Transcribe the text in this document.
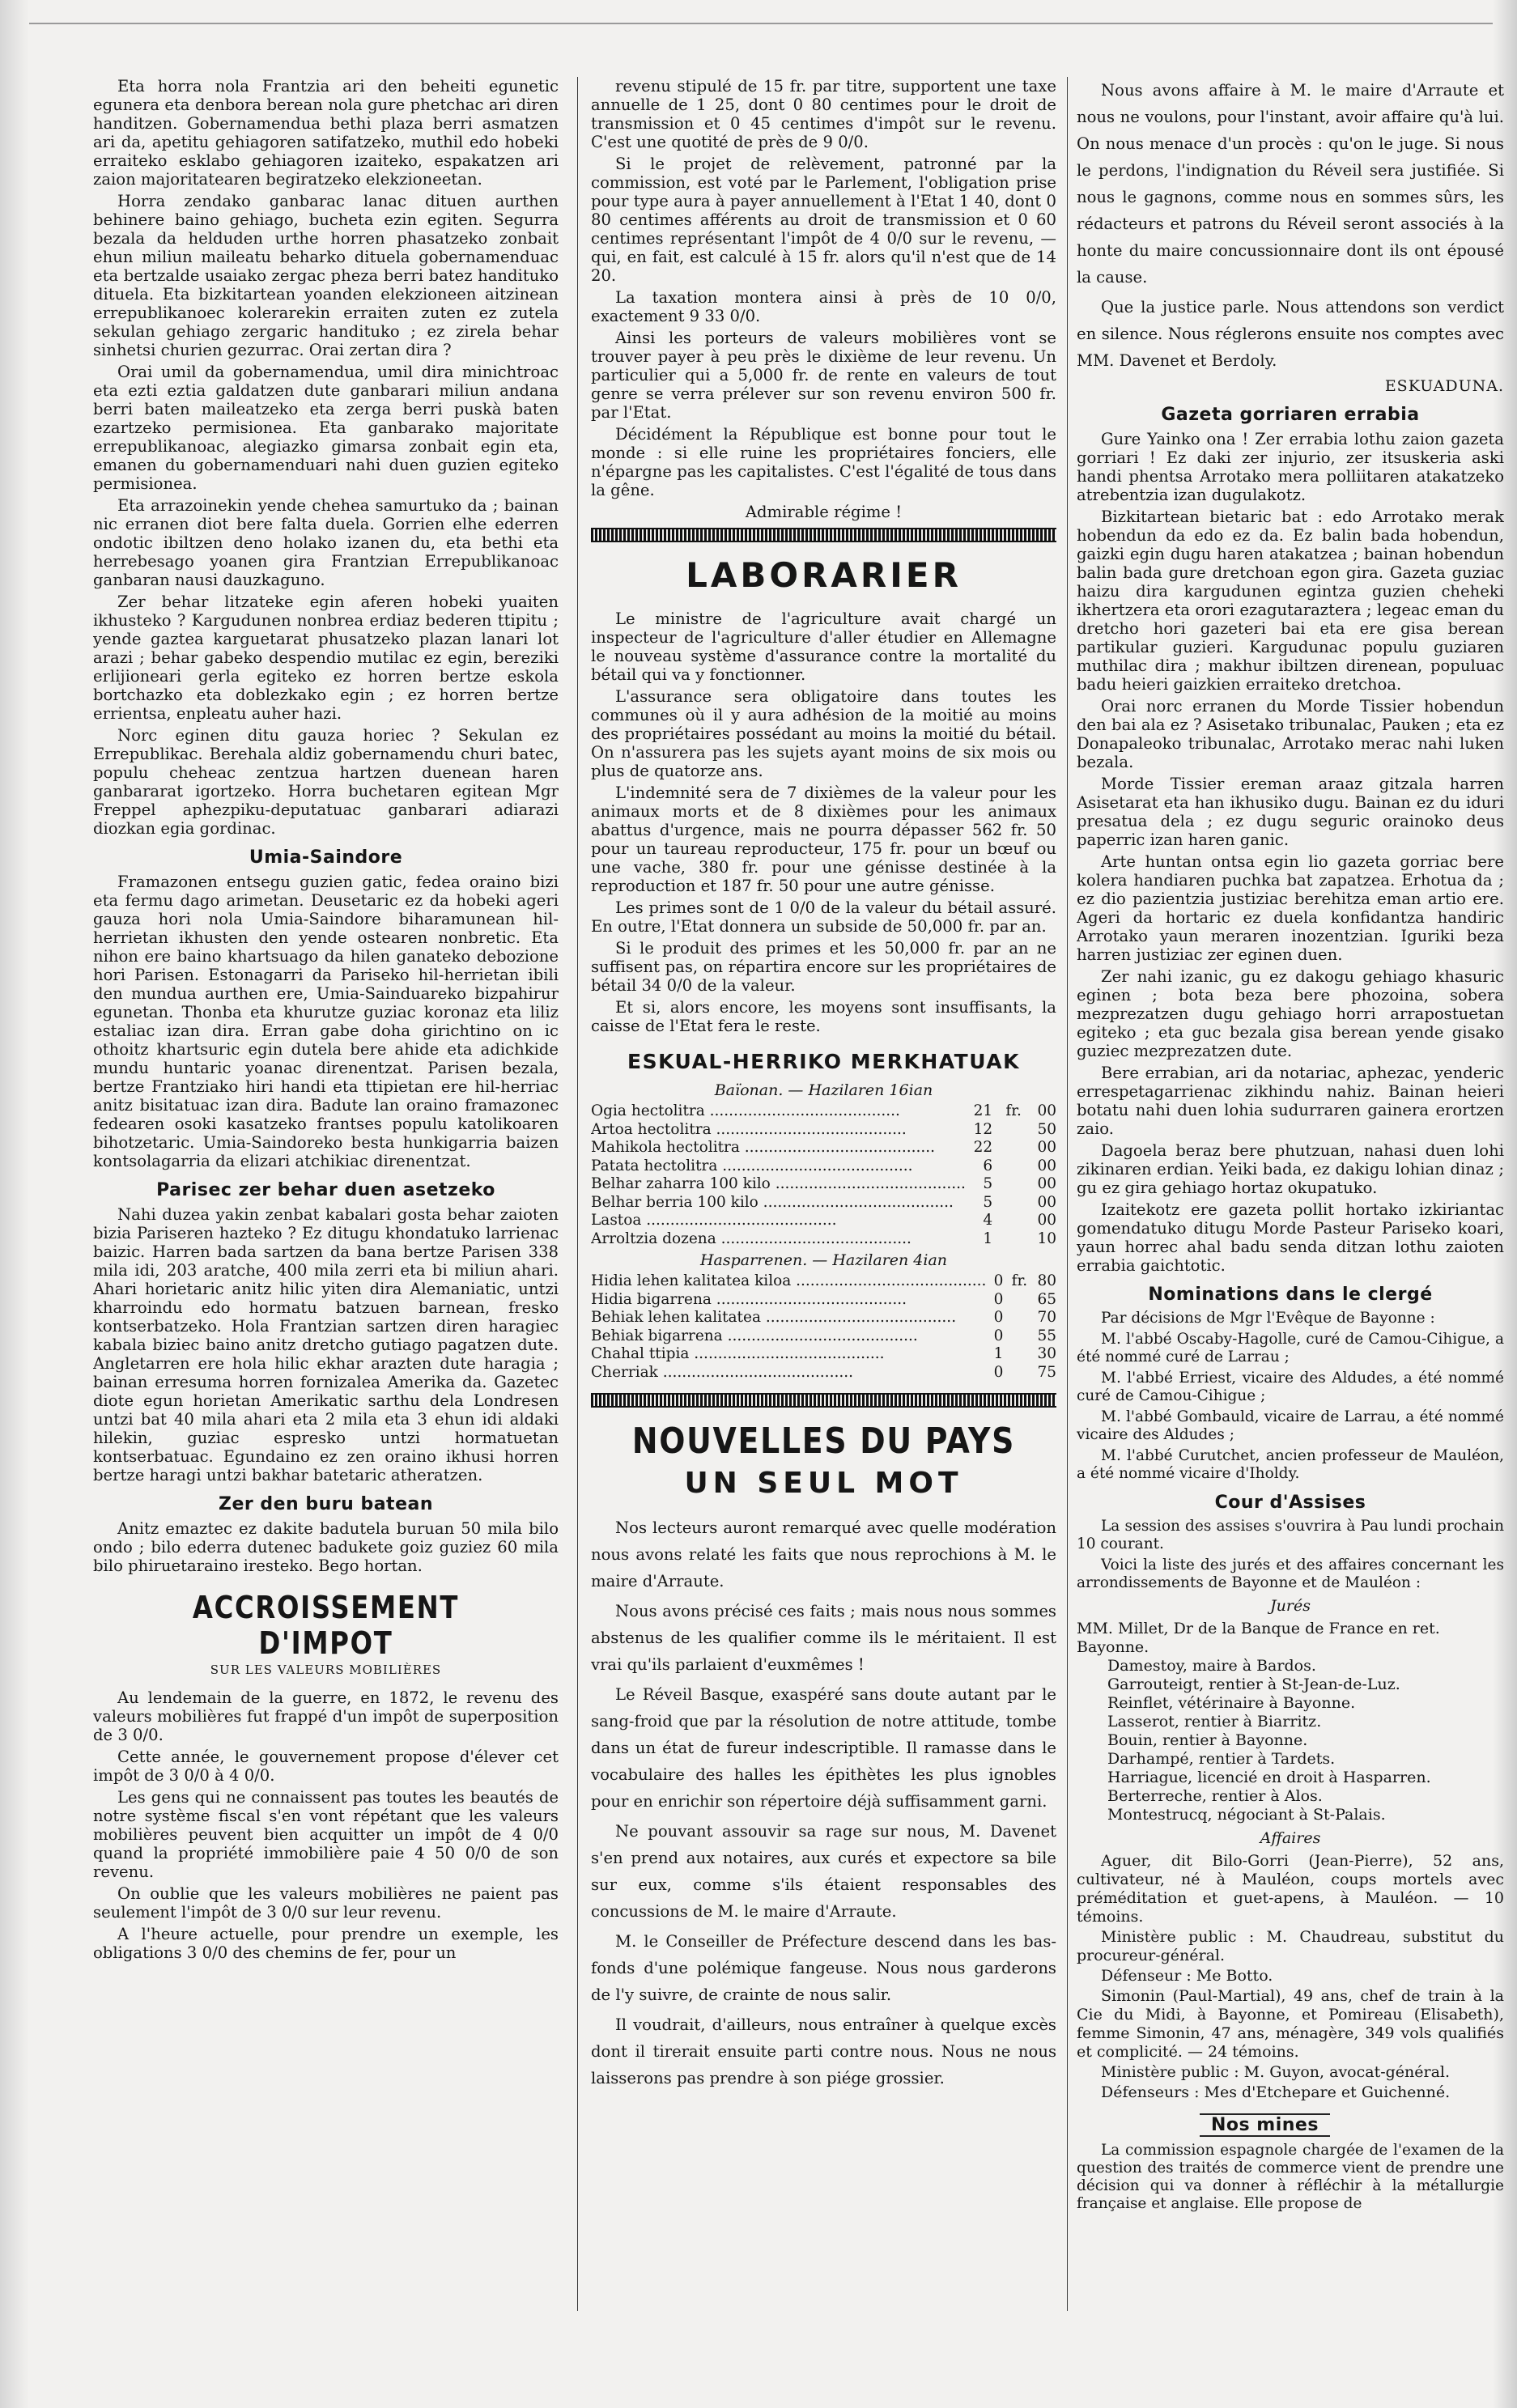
Eta horra nola Frantzia ari den beheiti egunetic egunera eta denbora berean nola gure phetchac ari diren handitzen. Gobernamendua bethi plaza berri asmatzen ari da, apetitu gehiagoren satifatzeko, muthil edo hobeki erraiteko esklabo gehiagoren izaiteko, espakatzen ari zaion majoritatearen begiratzeko elekzioneetan.

Horra zendako ganbarac lanac dituen aurthen behinere baino gehiago, bucheta ezin egiten. Segurra bezala da helduden urthe horren phasatzeko zonbait ehun miliun maileatu beharko dituela gobernamenduac eta bertzalde usaiako zergac pheza berri batez handituko dituela. Eta bizkitartean yoanden elekzioneen aitzinean errepublikanoec kolerarekin erraiten zuten ez zutela sekulan gehiago zergaric handituko ; ez zirela behar sinhetsi churien gezurrac. Orai zertan dira ?

Orai umil da gobernamendua, umil dira minichtroac eta ezti eztia galdatzen dute ganbarari miliun andana berri baten maileatzeko eta zerga berri puskà baten ezartzeko permisionea. Eta ganbarako majoritate errepublikanoac, alegiazko gimarsa zonbait egin eta, emanen du gobernamenduari nahi duen guzien egiteko permisionea.

Eta arrazoinekin yende chehea samurtuko da ; bainan nic erranen diot bere falta duela. Gorrien elhe ederren ondotic ibiltzen deno holako izanen du, eta bethi eta herrebesago yoanen gira Frantzian Errepublikanoac ganbaran nausi dauzkaguno.

Zer behar litzateke egin aferen hobeki yuaiten ikhusteko ? Kargudunen nonbrea erdiaz bederen ttipitu ; yende gaztea karguetarat phusatzeko plazan lanari lot arazi ; behar gabeko despendio mutilac ez egin, bereziki erlijioneari gerla egiteko ez horren bertze eskola bortchazko eta doblezkako egin ; ez horren bertze errientsa, enpleatu auher hazi.

Norc eginen ditu gauza horiec ? Sekulan ez Errepublikac. Berehala aldiz gobernamendu churi batec, populu cheheac zentzua hartzen duenean haren ganbararat igortzeko. Horra buchetaren egitean Mgr Freppel aphezpiku-deputatuac ganbarari adiarazi diozkan egia gordinac.

Umia-Saindore

Framazonen entsegu guzien gatic, fedea oraino bizi eta fermu dago arimetan. Deusetaric ez da hobeki ageri gauza hori nola Umia-Saindore biharamunean hil-herrietan ikhusten den yende ostearen nonbretic. Eta nihon ere baino khartsuago da hilen ganateko debozione hori Parisen. Estonagarri da Pariseko hil-herrietan ibili den mundua aurthen ere, Umia-Sainduareko bizpahirur egunetan. Thonba eta khurutze guziac koronaz eta liliz estaliac izan dira. Erran gabe doha girichtino on ic othoitz khartsuric egin dutela bere ahide eta adichkide mundu huntaric yoanac direnentzat. Parisen bezala, bertze Frantziako hiri handi eta ttipietan ere hil-herriac anitz bisitatuac izan dira. Badute lan oraino framazonec fedearen osoki kasatzeko frantses populu katolikoaren bihotzetaric. Umia-Saindoreko besta hunkigarria baizen kontsolagarria da elizari atchikiac direnentzat.

Parisec zer behar duen asetzeko

Nahi duzea yakin zenbat kabalari gosta behar zaioten bizia Pariseren hazteko ? Ez ditugu khondatuko larrienac baizic. Harren bada sartzen da bana bertze Parisen 338 mila idi, 203 aratche, 400 mila zerri eta bi miliun ahari. Ahari horietaric anitz hilic yiten dira Alemaniatic, untzi kharroindu edo hormatu batzuen barnean, fresko kontserbatzeko. Hola Frantzian sartzen diren haragiec kabala biziec baino anitz dretcho gutiago pagatzen dute. Angletarren ere hola hilic ekhar arazten dute haragia ; bainan erresuma horren fornizalea Amerika da. Gazetec diote egun horietan Amerikatic sarthu dela Londresen untzi bat 40 mila ahari eta 2 mila eta 3 ehun idi aldaki hilekin, guziac espresko untzi hormatuetan kontserbatuac. Egundaino ez zen oraino ikhusi horren bertze haragi untzi bakhar batetaric atheratzen.

Zer den buru batean

Anitz emaztec ez dakite badutela buruan 50 mila bilo ondo ; bilo ederra dutenec badukete goiz guziez 60 mila bilo phiruetaraino iresteko. Bego hortan.

ACCROISSEMENT D'IMPOT
SUR LES VALEURS MOBILIÈRES

Au lendemain de la guerre, en 1872, le revenu des valeurs mobilières fut frappé d'un impôt de superposition de 3 0/0.

Cette année, le gouvernement propose d'élever cet impôt de 3 0/0 à 4 0/0.

Les gens qui ne connaissent pas toutes les beautés de notre système fiscal s'en vont répétant que les valeurs mobilières peuvent bien acquitter un impôt de 4 0/0 quand la propriété immobilière paie 4 50 0/0 de son revenu.

On oublie que les valeurs mobilières ne paient pas seulement l'impôt de 3 0/0 sur leur revenu.

A l'heure actuelle, pour prendre un exemple, les obligations 3 0/0 des chemins de fer, pour un

revenu stipulé de 15 fr. par titre, supportent une taxe annuelle de 1 25, dont 0 80 centimes pour le droit de transmission et 0 45 centimes d'impôt sur le revenu. C'est une quotité de près de 9 0/0.

Si le projet de relèvement, patronné par la commission, est voté par le Parlement, l'obligation prise pour type aura à payer annuellement à l'Etat 1 40, dont 0 80 centimes afférents au droit de transmission et 0 60 centimes représentant l'impôt de 4 0/0 sur le revenu, — qui, en fait, est calculé à 15 fr. alors qu'il n'est que de 14 20.

La taxation montera ainsi à près de 10 0/0, exactement 9 33 0/0.

Ainsi les porteurs de valeurs mobilières vont se trouver payer à peu près le dixième de leur revenu. Un particulier qui a 5,000 fr. de rente en valeurs de tout genre se verra prélever sur son revenu environ 500 fr. par l'Etat.

Décidément la République est bonne pour tout le monde : si elle ruine les propriétaires fonciers, elle n'épargne pas les capitalistes. C'est l'égalité de tous dans la gêne.

Admirable régime !

LABORARIER

Le ministre de l'agriculture avait chargé un inspecteur de l'agriculture d'aller étudier en Allemagne le nouveau système d'assurance contre la mortalité du bétail qui va y fonctionner.

L'assurance sera obligatoire dans toutes les communes où il y aura adhésion de la moitié au moins des propriétaires possédant au moins la moitié du bétail. On n'assurera pas les sujets ayant moins de six mois ou plus de quatorze ans.

L'indemnité sera de 7 dixièmes de la valeur pour les animaux morts et de 8 dixièmes pour les animaux abattus d'urgence, mais ne pourra dépasser 562 fr. 50 pour un taureau reproducteur, 175 fr. pour un bœuf ou une vache, 380 fr. pour une génisse destinée à la reproduction et 187 fr. 50 pour une autre génisse.

Les primes sont de 1 0/0 de la valeur du bétail assuré. En outre, l'Etat donnera un subside de 50,000 fr. par an.

Si le produit des primes et les 50,000 fr. par an ne suffisent pas, on répartira encore sur les propriétaires de bétail 34 0/0 de la valeur.

Et si, alors encore, les moyens sont insuffisants, la caisse de l'Etat fera le reste.

ESKUAL-HERRIKO MERKHATUAK
Baïonan. — Hazilaren 16ian
Ogia hectolitra ........................................	21	fr.	00
Artoa hectolitra ........................................	12		50
Mahikola hectolitra ........................................	22		00
Patata hectolitra ........................................	6		00
Belhar zaharra 100 kilo ........................................	5		00
Belhar berria 100 kilo ........................................	5		00
Lastoa ........................................	4		00
Arroltzia dozena ........................................	1		10
Hasparrenen. — Hazilaren 4ian
Hidia lehen kalitatea kiloa ........................................	0	fr.	80
Hidia bigarrena ........................................	0		65
Behiak lehen kalitatea ........................................	0		70
Behiak bigarrena ........................................	0		55
Chahal ttipia ........................................	1		30
Cherriak ........................................	0		75
NOUVELLES DU PAYS
UN SEUL MOT

Nos lecteurs auront remarqué avec quelle modération nous avons relaté les faits que nous reprochions à M. le maire d'Arraute.

Nous avons précisé ces faits ; mais nous nous sommes abstenus de les qualifier comme ils le méritaient. Il est vrai qu'ils parlaient d'euxmêmes !

Le Réveil Basque, exaspéré sans doute autant par le sang-froid que par la résolution de notre attitude, tombe dans un état de fureur indescriptible. Il ramasse dans le vocabulaire des halles les épithètes les plus ignobles pour en enrichir son répertoire déjà suffisamment garni.

Ne pouvant assouvir sa rage sur nous, M. Davenet s'en prend aux notaires, aux curés et expectore sa bile sur eux, comme s'ils étaient responsables des concussions de M. le maire d'Arraute.

M. le Conseiller de Préfecture descend dans les bas-fonds d'une polémique fangeuse. Nous nous garderons de l'y suivre, de crainte de nous salir.

Il voudrait, d'ailleurs, nous entraîner à quelque excès dont il tirerait ensuite parti contre nous. Nous ne nous laisserons pas prendre à son piége grossier.

Nous avons affaire à M. le maire d'Arraute et nous ne voulons, pour l'instant, avoir affaire qu'à lui. On nous menace d'un procès : qu'on le juge. Si nous le perdons, l'indignation du Réveil sera justifiée. Si nous le gagnons, comme nous en sommes sûrs, les rédacteurs et patrons du Réveil seront associés à la honte du maire concussionnaire dont ils ont épousé la cause.

Que la justice parle. Nous attendons son verdict en silence. Nous réglerons ensuite nos comptes avec MM. Davenet et Berdoly.

ESKUADUNA.
Gazeta gorriaren errabia

Gure Yainko ona ! Zer errabia lothu zaion gazeta gorriari ! Ez daki zer injurio, zer itsuskeria aski handi phentsa Arrotako mera polliitaren atakatzeko atrebentzia izan dugulakotz.

Bizkitartean bietaric bat : edo Arrotako merak hobendun da edo ez da. Ez balin bada hobendun, gaizki egin dugu haren atakatzea ; bainan hobendun balin bada gure dretchoan egon gira. Gazeta guziac haizu dira kargudunen egintza guzien cheheki ikhertzera eta orori ezagutaraztera ; legeac eman du dretcho hori gazeteri bai eta ere gisa berean partikular guzieri. Kargudunac populu guziaren muthilac dira ; makhur ibiltzen direnean, populuac badu heieri gaizkien erraiteko dretchoa.

Orai norc erranen du Morde Tissier hobendun den bai ala ez ? Asisetako tribunalac, Pauken ; eta ez Donapaleoko tribunalac, Arrotako merac nahi luken bezala.

Morde Tissier ereman araaz gitzala harren Asisetarat eta han ikhusiko dugu. Bainan ez du iduri presatua dela ; ez dugu seguric orainoko deus paperric izan haren ganic.

Arte huntan ontsa egin lio gazeta gorriac bere kolera handiaren puchka bat zapatzea. Erhotua da ; ez dio pazientzia justiziac berehitza eman artio ere. Ageri da hortaric ez duela konfidantza handiric Arrotako yaun meraren inozentzian. Iguriki beza harren justiziac zer eginen duen.

Zer nahi izanic, gu ez dakogu gehiago khasuric eginen ; bota beza bere phozoina, sobera mezprezatzen dugu gehiago horri arrapostuetan egiteko ; eta guc bezala gisa berean yende gisako guziec mezprezatzen dute.

Bere errabian, ari da notariac, aphezac, yenderic errespetagarrienac zikhindu nahiz. Bainan heieri botatu nahi duen lohia sudurraren gainera erortzen zaio.

Dagoela beraz bere phutzuan, nahasi duen lohi zikinaren erdian. Yeiki bada, ez dakigu lohian dinaz ; gu ez gira gehiago hortaz okupatuko.

Izaitekotz ere gazeta pollit hortako izkiriantac gomendatuko ditugu Morde Pasteur Pariseko koari, yaun horrec ahal badu senda ditzan lothu zaioten errabia gaichtotic.

Nominations dans le clergé

Par décisions de Mgr l'Evêque de Bayonne :

M. l'abbé Oscaby-Hagolle, curé de Camou-Cihigue, a été nommé curé de Larrau ;

M. l'abbé Erriest, vicaire des Aldudes, a été nommé curé de Camou-Cihigue ;

M. l'abbé Gombauld, vicaire de Larrau, a été nommé vicaire des Aldudes ;

M. l'abbé Curutchet, ancien professeur de Mauléon, a été nommé vicaire d'Iholdy.

Cour d'Assises

La session des assises s'ouvrira à Pau lundi prochain 10 courant.

Voici la liste des jurés et des affaires concernant les arrondissements de Bayonne et de Mauléon :

Jurés

MM. Millet, Dr de la Banque de France en ret. Bayonne.

Damestoy, maire à Bardos.

Garrouteigt, rentier à St-Jean-de-Luz.

Reinflet, vétérinaire à Bayonne.

Lasserot, rentier à Biarritz.

Bouin, rentier à Bayonne.

Darhampé, rentier à Tardets.

Harriague, licencié en droit à Hasparren.

Berterreche, rentier à Alos.

Montestrucq, négociant à St-Palais.

Affaires

Aguer, dit Bilo-Gorri (Jean-Pierre), 52 ans, cultivateur, né à Mauléon, coups mortels avec préméditation et guet-apens, à Mauléon. — 10 témoins.

Ministère public : M. Chaudreau, substitut du procureur-général.

Défenseur : Me Botto.

Simonin (Paul-Martial), 49 ans, chef de train à la Cie du Midi, à Bayonne, et Pomireau (Elisabeth), femme Simonin, 47 ans, ménagère, 349 vols qualifiés et complicité. — 24 témoins.

Ministère public : M. Guyon, avocat-général.

Défenseurs : Mes d'Etchepare et Guichenné.

Nos mines

La commission espagnole chargée de l'examen de la question des traités de commerce vient de prendre une décision qui va donner à réfléchir à la métallurgie française et anglaise. Elle propose de
